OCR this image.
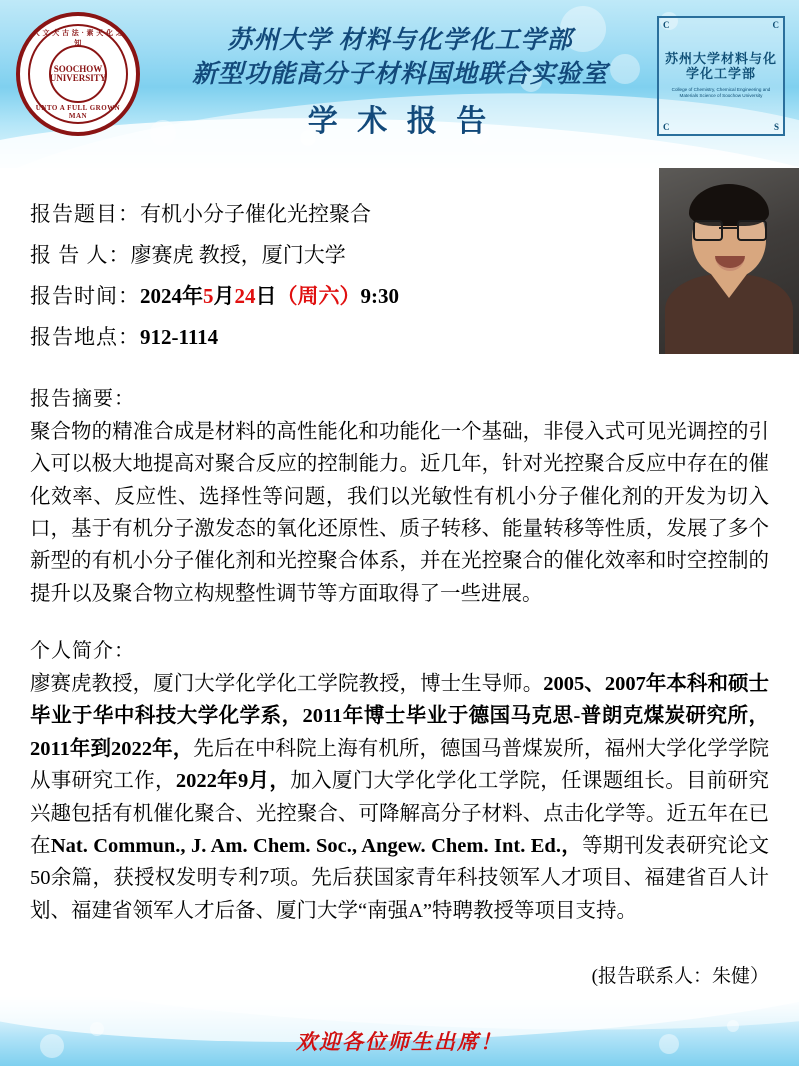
人 文 大 古 法 · 素 天 化 之 知
SOOCHOW UNIVERSITY
UNTO A FULL GROWN MAN
苏州大学 材料与化学化工学部
新型功能高分子材料国地联合实验室
学 术 报 告
C	C
C	S
苏州大学材料与化学化工学部
College of Chemistry, Chemical Engineering and Materials Science of Soochow University
报告题目：有机小分子催化光控聚合
报 告 人：廖赛虎 教授，厦门大学
报告时间：2024年5月24日（周六）9:30
报告地点：912-1114
报告摘要：
聚合物的精准合成是材料的高性能化和功能化一个基础，非侵入式可见光调控的引入可以极大地提高对聚合反应的控制能力。近几年，针对光控聚合反应中存在的催化效率、反应性、选择性等问题，我们以光敏性有机小分子催化剂的开发为切入口，基于有机分子激发态的氧化还原性、质子转移、能量转移等性质，发展了多个新型的有机小分子催化剂和光控聚合体系，并在光控聚合的催化效率和时空控制的提升以及聚合物立构规整性调节等方面取得了一些进展。
个人简介：
廖赛虎教授，厦门大学化学化工学院教授，博士生导师。2005、2007年本科和硕士毕业于华中科技大学化学系，2011年博士毕业于德国马克思-普朗克煤炭研究所，2011年到2022年，先后在中科院上海有机所，德国马普煤炭所，福州大学化学学院从事研究工作，2022年9月，加入厦门大学化学化工学院，任课题组长。目前研究兴趣包括有机催化聚合、光控聚合、可降解高分子材料、点击化学等。近五年在已在Nat. Commun., J. Am. Chem. Soc., Angew. Chem. Int. Ed.，等期刊发表研究论文50余篇，获授权发明专利7项。先后获国家青年科技领军人才项目、福建省百人计划、福建省领军人才后备、厦门大学“南强A”特聘教授等项目支持。
(报告联系人：朱健）
欢迎各位师生出席！
